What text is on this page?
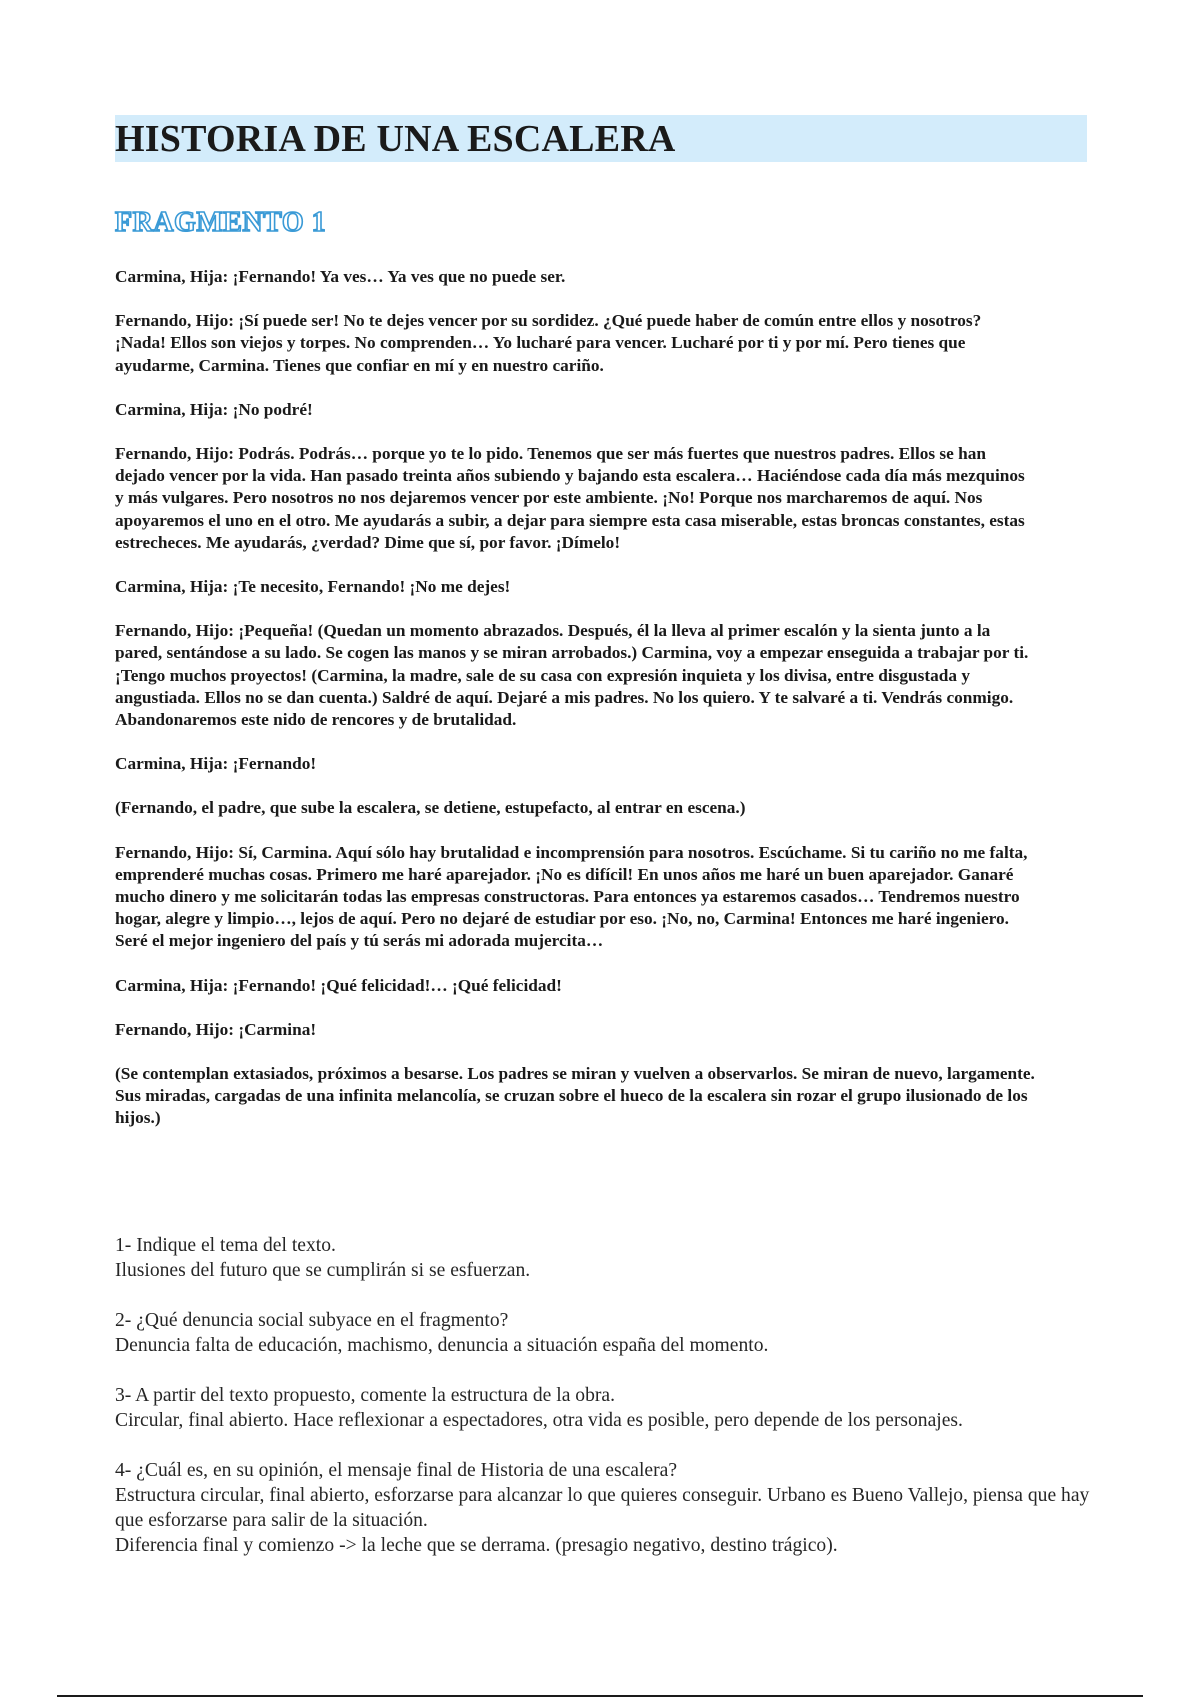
HISTORIA DE UNA ESCALERA
FRAGMENTO 1

Carmina, Hija: ¡Fernando! Ya ves… Ya ves que no puede ser.

Fernando, Hijo: ¡Sí puede ser! No te dejes vencer por su sordidez. ¿Qué puede haber de común entre ellos y nosotros? ¡Nada! Ellos son viejos y torpes. No comprenden… Yo lucharé para vencer. Lucharé por ti y por mí. Pero tienes que ayudarme, Carmina. Tienes que confiar en mí y en nuestro cariño.

Carmina, Hija: ¡No podré!

Fernando, Hijo: Podrás. Podrás… porque yo te lo pido. Tenemos que ser más fuertes que nuestros padres. Ellos se han dejado vencer por la vida. Han pasado treinta años subiendo y bajando esta escalera… Haciéndose cada día más mezquinos y más vulgares. Pero nosotros no nos dejaremos vencer por este ambiente. ¡No! Porque nos marcharemos de aquí. Nos apoyaremos el uno en el otro. Me ayudarás a subir, a dejar para siempre esta casa miserable, estas broncas constantes, estas estrecheces. Me ayudarás, ¿verdad? Dime que sí, por favor. ¡Dímelo!

Carmina, Hija: ¡Te necesito, Fernando! ¡No me dejes!

Fernando, Hijo: ¡Pequeña! (Quedan un momento abrazados. Después, él la lleva al primer escalón y la sienta junto a la pared, sentándose a su lado. Se cogen las manos y se miran arrobados.) Carmina, voy a empezar enseguida a trabajar por ti. ¡Tengo muchos proyectos! (Carmina, la madre, sale de su casa con expresión inquieta y los divisa, entre disgustada y angustiada. Ellos no se dan cuenta.) Saldré de aquí. Dejaré a mis padres. No los quiero. Y te salvaré a ti. Vendrás conmigo. Abandonaremos este nido de rencores y de brutalidad.

Carmina, Hija: ¡Fernando!

(Fernando, el padre, que sube la escalera, se detiene, estupefacto, al entrar en escena.)

Fernando, Hijo: Sí, Carmina. Aquí sólo hay brutalidad e incomprensión para nosotros. Escúchame. Si tu cariño no me falta, emprenderé muchas cosas. Primero me haré aparejador. ¡No es difícil! En unos años me haré un buen aparejador. Ganaré mucho dinero y me solicitarán todas las empresas constructoras. Para entonces ya estaremos casados… Tendremos nuestro hogar, alegre y limpio…, lejos de aquí. Pero no dejaré de estudiar por eso. ¡No, no, Carmina! Entonces me haré ingeniero. Seré el mejor ingeniero del país y tú serás mi adorada mujercita…

Carmina, Hija: ¡Fernando! ¡Qué felicidad!… ¡Qué felicidad!

Fernando, Hijo: ¡Carmina!

(Se contemplan extasiados, próximos a besarse. Los padres se miran y vuelven a observarlos. Se miran de nuevo, largamente. Sus miradas, cargadas de una infinita melancolía, se cruzan sobre el hueco de la escalera sin rozar el grupo ilusionado de los hijos.)

1- Indique el tema del texto.
Ilusiones del futuro que se cumplirán si se esfuerzan.
2- ¿Qué denuncia social subyace en el fragmento?
Denuncia falta de educación, machismo, denuncia a situación españa del momento.
3- A partir del texto propuesto, comente la estructura de la obra.
Circular, final abierto. Hace reflexionar a espectadores, otra vida es posible, pero depende de los personajes.
4- ¿Cuál es, en su opinión, el mensaje final de Historia de una escalera?
Estructura circular, final abierto, esforzarse para alcanzar lo que quieres conseguir. Urbano es Bueno Vallejo, piensa que hay que esforzarse para salir de la situación.
Diferencia final y comienzo -> la leche que se derrama. (presagio negativo, destino trágico).
